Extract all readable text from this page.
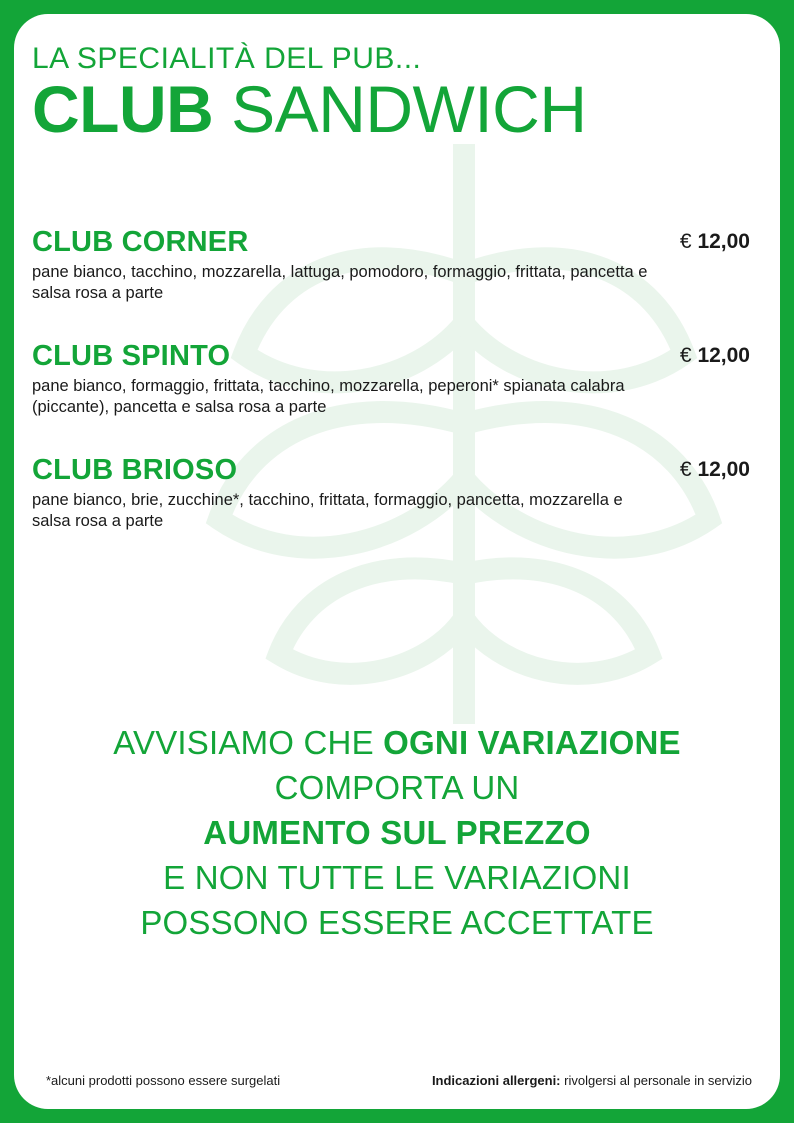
LA SPECIALITÀ DEL PUB...
CLUB SANDWICH
CLUB CORNER	€ 12,00
pane bianco, tacchino, mozzarella, lattuga, pomodoro, formaggio, frittata, pancetta e salsa rosa a parte
CLUB SPINTO	€ 12,00
pane bianco, formaggio, frittata, tacchino, mozzarella, peperoni* spianata calabra (piccante), pancetta e salsa rosa a parte
CLUB BRIOSO	€ 12,00
pane bianco, brie, zucchine*, tacchino, frittata, formaggio, pancetta, mozzarella e salsa rosa a parte
AVVISIAMO CHE OGNI VARIAZIONE
COMPORTA UN
AUMENTO SUL PREZZO
E NON TUTTE LE VARIAZIONI
POSSONO ESSERE ACCETTATE
*alcuni prodotti possono essere surgelati	Indicazioni allergeni: rivolgersi al personale in servizio
